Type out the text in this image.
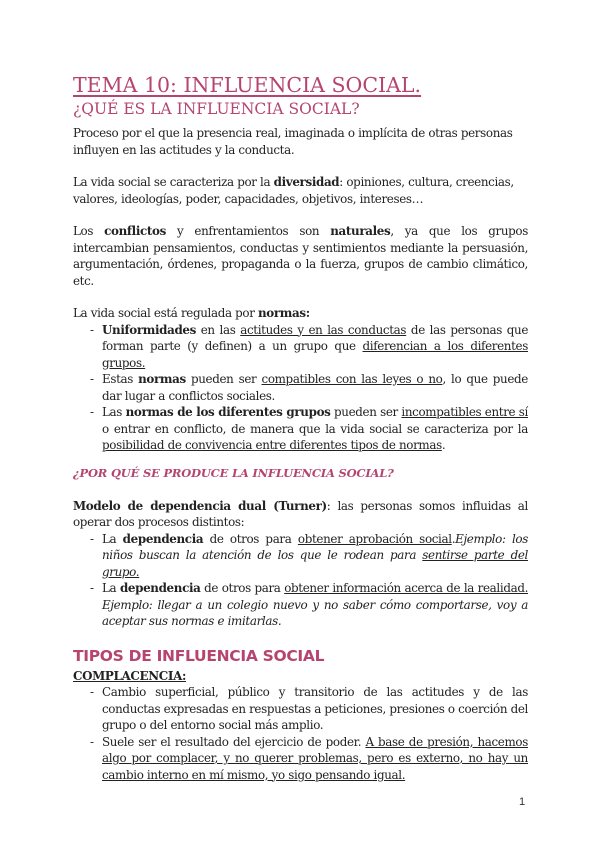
TEMA 10: INFLUENCIA SOCIAL.
¿QUÉ ES LA INFLUENCIA SOCIAL?

Proceso por el que la presencia real, imaginada o implícita de otras personas influyen en las actitudes y la conducta.

La vida social se caracteriza por la diversidad: opiniones, cultura, creencias, valores, ideologías, poder, capacidades, objetivos, intereses…

Los conflictos y enfrentamientos son naturales, ya que los grupos intercambian pensamientos, conductas y sentimientos mediante la persuasión, argumentación, órdenes, propaganda o la fuerza, grupos de cambio climático, etc.

La vida social está regulada por normas:

- Uniformidades en las actitudes y en las conductas de las personas que forman parte (y definen) a un grupo que diferencian a los diferentes grupos.
- Estas normas pueden ser compatibles con las leyes o no, lo que puede dar lugar a conflictos sociales.
- Las normas de los diferentes grupos pueden ser incompatibles entre sí o entrar en conflicto, de manera que la vida social se caracteriza por la posibilidad de convivencia entre diferentes tipos de normas.
¿POR QUÉ SE PRODUCE LA INFLUENCIA SOCIAL?

Modelo de dependencia dual (Turner): las personas somos influidas al operar dos procesos distintos:

- La dependencia de otros para obtener aprobación social.Ejemplo: los niños buscan la atención de los que le rodean para sentirse parte del grupo.
- La dependencia de otros para obtener información acerca de la realidad. Ejemplo: llegar a un colegio nuevo y no saber cómo comportarse, voy a aceptar sus normas e imitarlas.
TIPOS DE INFLUENCIA SOCIAL

COMPLACENCIA:

- Cambio superficial, público y transitorio de las actitudes y de las conductas expresadas en respuestas a peticiones, presiones o coerción del grupo o del entorno social más amplio.
- Suele ser el resultado del ejercicio de poder. A base de presión, hacemos algo por complacer, y no querer problemas, pero es externo, no hay un cambio interno en mí mismo, yo sigo pensando igual.
1
